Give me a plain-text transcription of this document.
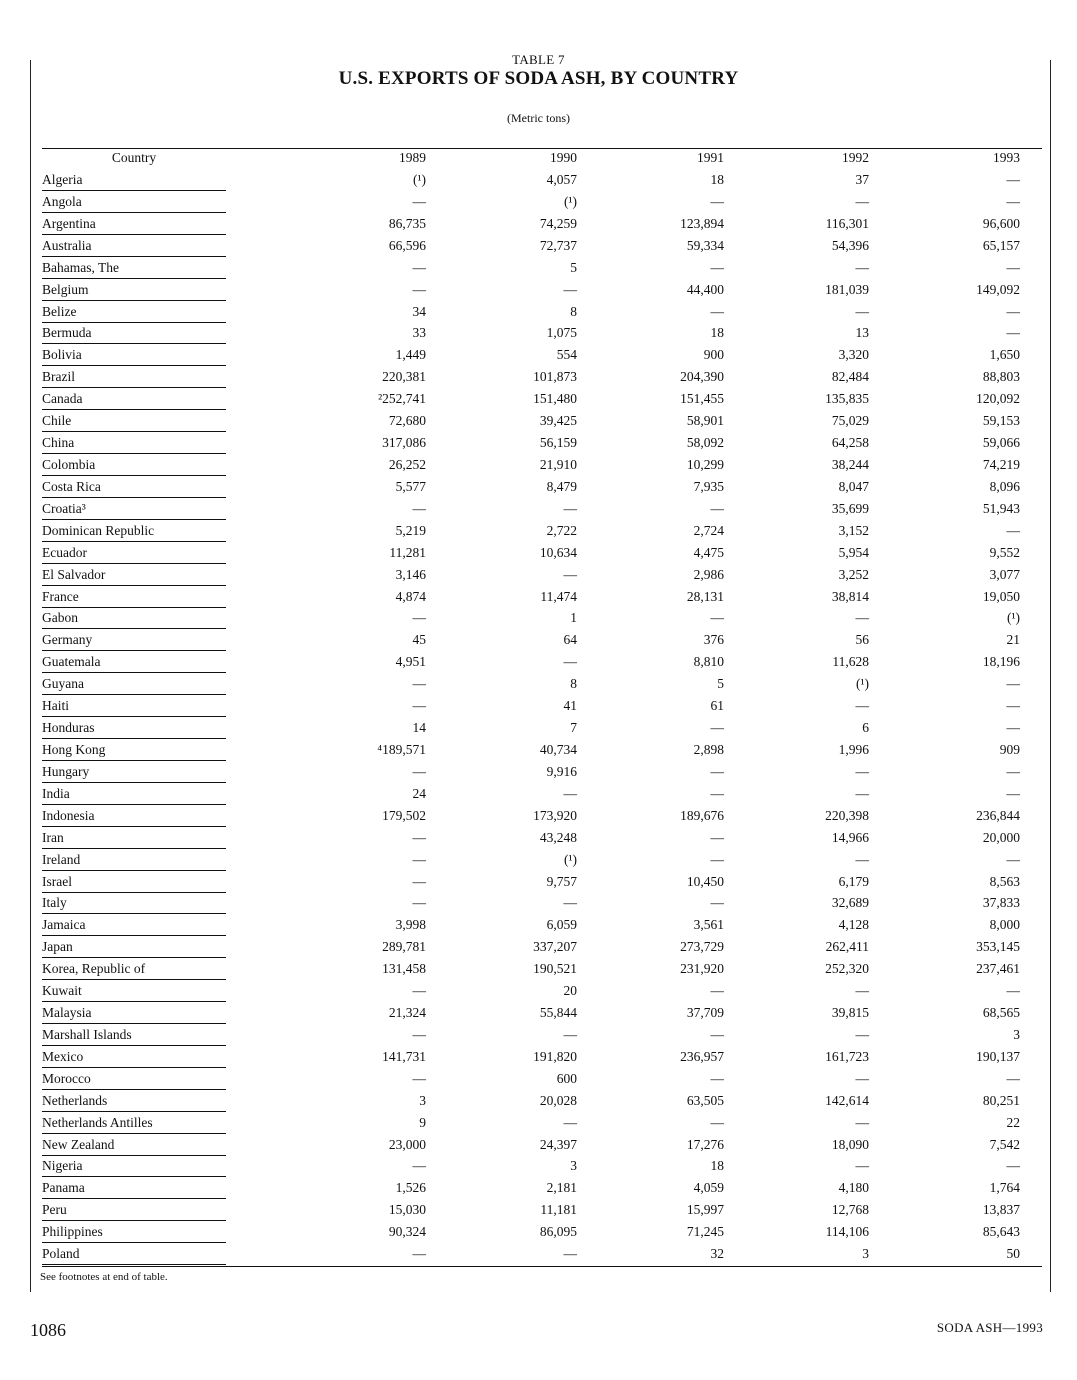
TABLE 7
U.S. EXPORTS OF SODA ASH, BY COUNTRY
(Metric tons)
Country	1989	1990	1991	1992	1993
Algeria	(¹)	4,057	18	37	—
Angola	—	(¹)	—	—	—
Argentina	86,735	74,259	123,894	116,301	96,600
Australia	66,596	72,737	59,334	54,396	65,157
Bahamas, The	—	5	—	—	—
Belgium	—	—	44,400	181,039	149,092
Belize	34	8	—	—	—
Bermuda	33	1,075	18	13	—
Bolivia	1,449	554	900	3,320	1,650
Brazil	220,381	101,873	204,390	82,484	88,803
Canada	²252,741	151,480	151,455	135,835	120,092
Chile	72,680	39,425	58,901	75,029	59,153
China	317,086	56,159	58,092	64,258	59,066
Colombia	26,252	21,910	10,299	38,244	74,219
Costa Rica	5,577	8,479	7,935	8,047	8,096
Croatia³	—	—	—	35,699	51,943
Dominican Republic	5,219	2,722	2,724	3,152	—
Ecuador	11,281	10,634	4,475	5,954	9,552
El Salvador	3,146	—	2,986	3,252	3,077
France	4,874	11,474	28,131	38,814	19,050
Gabon	—	1	—	—	(¹)
Germany	45	64	376	56	21
Guatemala	4,951	—	8,810	11,628	18,196
Guyana	—	8	5	(¹)	—
Haiti	—	41	61	—	—
Honduras	14	7	—	6	—
Hong Kong	⁴189,571	40,734	2,898	1,996	909
Hungary	—	9,916	—	—	—
India	24	—	—	—	—
Indonesia	179,502	173,920	189,676	220,398	236,844
Iran	—	43,248	—	14,966	20,000
Ireland	—	(¹)	—	—	—
Israel	—	9,757	10,450	6,179	8,563
Italy	—	—	—	32,689	37,833
Jamaica	3,998	6,059	3,561	4,128	8,000
Japan	289,781	337,207	273,729	262,411	353,145
Korea, Republic of	131,458	190,521	231,920	252,320	237,461
Kuwait	—	20	—	—	—
Malaysia	21,324	55,844	37,709	39,815	68,565
Marshall Islands	—	—	—	—	3
Mexico	141,731	191,820	236,957	161,723	190,137
Morocco	—	600	—	—	—
Netherlands	3	20,028	63,505	142,614	80,251
Netherlands Antilles	9	—	—	—	22
New Zealand	23,000	24,397	17,276	18,090	7,542
Nigeria	—	3	18	—	—
Panama	1,526	2,181	4,059	4,180	1,764
Peru	15,030	11,181	15,997	12,768	13,837
Philippines	90,324	86,095	71,245	114,106	85,643
Poland	—	—	32	3	50
See footnotes at end of table.
1086	SODA ASH—1993
